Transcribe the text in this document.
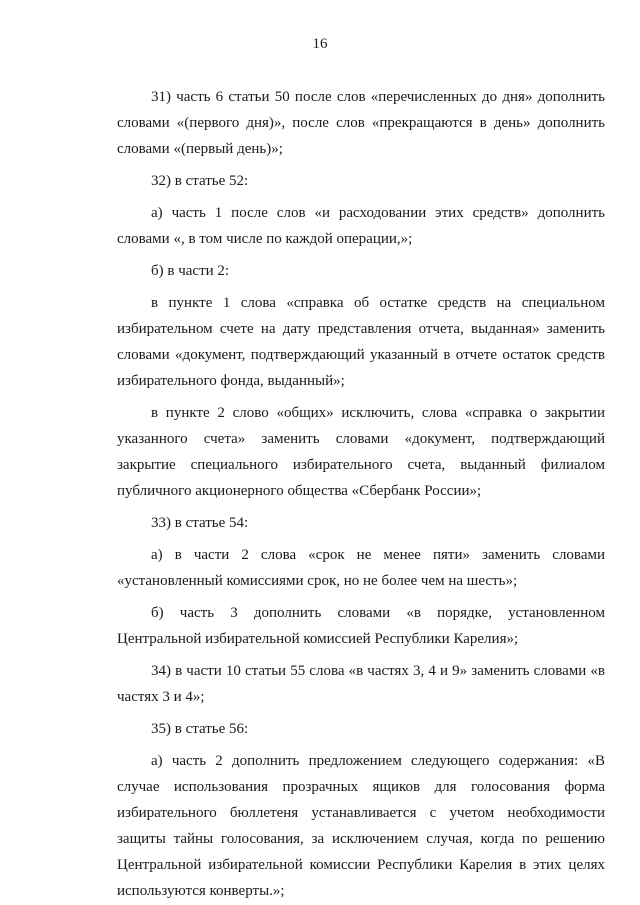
16

31) часть 6 статьи 50 после слов «перечисленных до дня» дополнить словами «(первого дня)», после слов «прекращаются в день» дополнить словами «(первый день)»;

32) в статье 52:

а) часть 1 после слов «и расходовании этих средств» дополнить словами «, в том числе по каждой операции,»;

б) в части 2:

в пункте 1 слова «справка об остатке средств на специальном избирательном счете на дату представления отчета, выданная» заменить словами «документ, подтверждающий указанный в отчете остаток средств избирательного фонда, выданный»;

в пункте 2 слово «общих» исключить, слова «справка о закрытии указанного счета» заменить словами «документ, подтверждающий закрытие специального избирательного счета, выданный филиалом публичного акционерного общества «Сбербанк России»;

33) в статье 54:

а) в части 2 слова «срок не менее пяти» заменить словами «установленный комиссиями срок, но не более чем на шесть»;

б) часть 3 дополнить словами «в порядке, установленном Центральной избирательной комиссией Республики Карелия»;

34) в части 10 статьи 55 слова «в частях 3, 4 и 9» заменить словами «в частях 3 и 4»;

35) в статье 56:

а) часть 2 дополнить предложением следующего содержания: «В случае использования прозрачных ящиков для голосования форма избирательного бюллетеня устанавливается с учетом необходимости защиты тайны голосования, за исключением случая, когда по решению Центральной избирательной комиссии Республики Карелия в этих целях используются конверты.»;
